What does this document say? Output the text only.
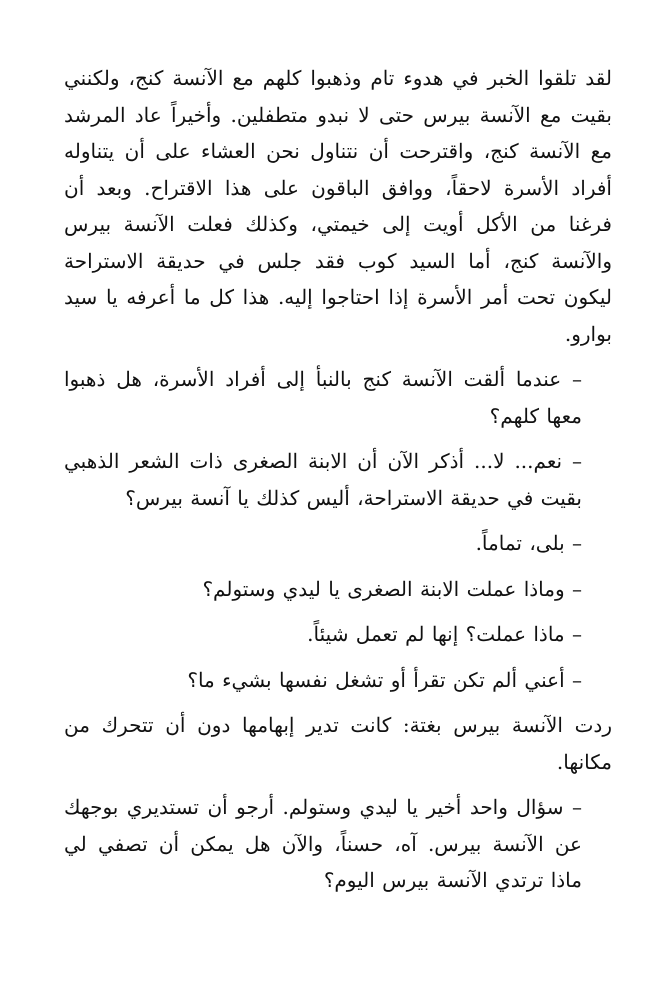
لقد تلقوا الخبر في هدوء تام وذهبوا كلهم مع الآنسة كنج، ولكنني بقيت مع الآنسة بيرس حتى لا نبدو متطفلين. وأخيراً عاد المرشد مع الآنسة كنج، واقترحت أن نتناول نحن العشاء على أن يتناوله أفراد الأسرة لاحقاً، ووافق الباقون على هذا الاقتراح. وبعد أن فرغنا من الأكل أويت إلى خيمتي، وكذلك فعلت الآنسة بيرس والآنسة كنج، أما السيد كوب فقد جلس في حديقة الاستراحة ليكون تحت أمر الأسرة إذا احتاجوا إليه. هذا كل ما أعرفه يا سيد بوارو.

– عندما ألقت الآنسة كنج بالنبأ إلى أفراد الأسرة، هل ذهبوا معها كلهم؟

– نعم... لا... أذكر الآن أن الابنة الصغرى ذات الشعر الذهبي بقيت في حديقة الاستراحة، أليس كذلك يا آنسة بيرس؟

– بلى، تماماً.

– وماذا عملت الابنة الصغرى يا ليدي وستولم؟

– ماذا عملت؟ إنها لم تعمل شيئاً.

– أعني ألم تكن تقرأ أو تشغل نفسها بشيء ما؟

ردت الآنسة بيرس بغتة: كانت تدير إبهامها دون أن تتحرك من مكانها.

– سؤال واحد أخير يا ليدي وستولم. أرجو أن تستديري بوجهك عن الآنسة بيرس. آه، حسناً، والآن هل يمكن أن تصفي لي ماذا ترتدي الآنسة بيرس اليوم؟
